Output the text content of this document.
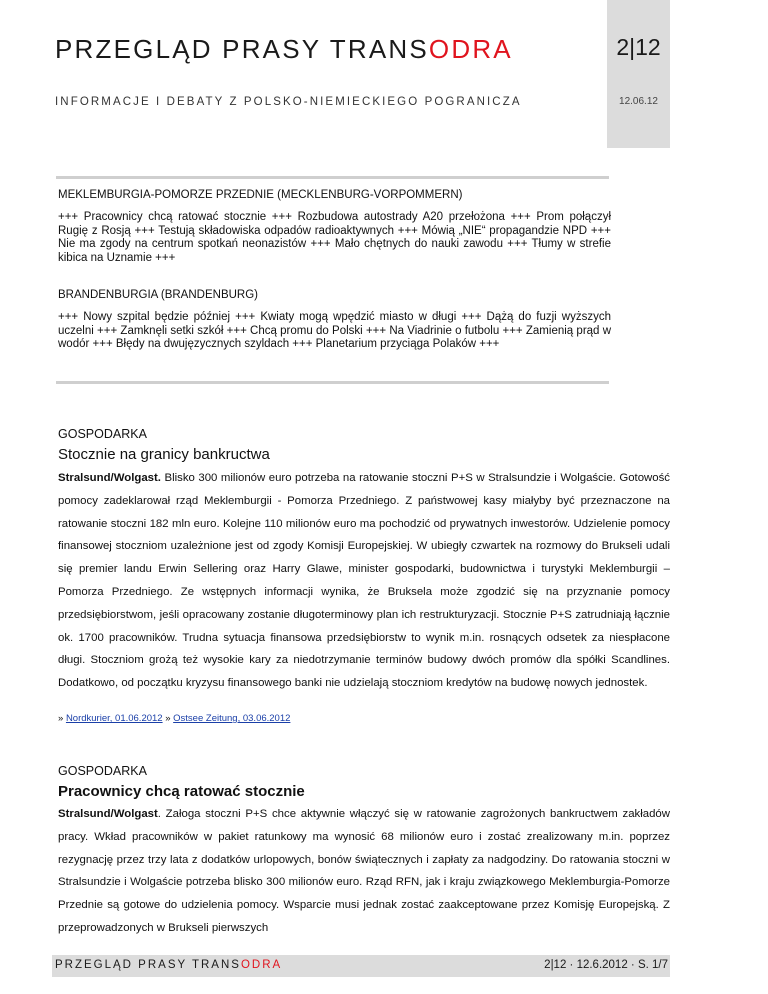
PRZEGLĄD PRASY TRANSODRA
INFORMACJE I DEBATY Z POLSKO-NIEMIECKIEGO POGRANICZA
2|12
12.06.12
MEKLEMBURGIA-POMORZE PRZEDNIE (MECKLENBURG-VORPOMMERN)
+++ Pracownicy chcą ratować stocznie +++ Rozbudowa autostrady A20 przełożona +++ Prom połączył Rugię z Rosją +++ Testują składowiska odpadów radioaktywnych +++ Mówią „NIE“ propagandzie NPD +++ Nie ma zgody na centrum spotkań neonazistów +++ Mało chętnych do nauki zawodu +++ Tłumy w strefie kibica na Uznamie +++
BRANDENBURGIA (BRANDENBURG)
+++ Nowy szpital będzie później +++ Kwiaty mogą wpędzić miasto w długi +++ Dążą do fuzji wyższych uczelni +++ Zamknęli setki szkół +++ Chcą promu do Polski +++ Na Viadrinie o futbolu +++ Zamienią prąd w wodór +++ Błędy na dwujęzycznych szyldach +++ Planetarium przyciąga Polaków +++
GOSPODARKA
Stocznie na granicy bankructwa
Stralsund/Wolgast. Blisko 300 milionów euro potrzeba na ratowanie stoczni P+S w Stralsundzie i Wolgaście. Gotowość pomocy zadeklarował rząd Meklemburgii - Pomorza Przedniego. Z państwowej kasy miałyby być przeznaczone na ratowanie stoczni 182 mln euro. Kolejne 110 milionów euro ma pochodzić od prywatnych inwestorów. Udzielenie pomocy finansowej stoczniom uzależnione jest od zgody Komisji Europejskiej. W ubiegły czwartek na rozmowy do Brukseli udali się premier landu Erwin Sellering oraz Harry Glawe, minister gospodarki, budownictwa i turystyki Meklemburgii – Pomorza Przedniego. Ze wstępnych informacji wynika, że Bruksela może zgodzić się na przyznanie pomocy przedsiębiorstwom, jeśli opracowany zostanie długoterminowy plan ich restrukturyzacji. Stocznie P+S zatrudniają łącznie ok. 1700 pracowników. Trudna sytuacja finansowa przedsiębiorstw to wynik m.in. rosnących odsetek za niespłacone długi. Stoczniom grożą też wysokie kary za niedotrzymanie terminów budowy dwóch promów dla spółki Scandlines. Dodatkowo, od początku kryzysu finansowego banki nie udzielają stoczniom kredytów na budowę nowych jednostek.
» Nordkurier, 01.06.2012 » Ostsee Zeitung, 03.06.2012
GOSPODARKA
Pracownicy chcą ratować stocznie
Stralsund/Wolgast. Załoga stoczni P+S chce aktywnie włączyć się w ratowanie zagrożonych bankructwem zakładów pracy. Wkład pracowników w pakiet ratunkowy ma wynosić 68 milionów euro i zostać zrealizowany m.in. poprzez rezygnację przez trzy lata z dodatków urlopowych, bonów świątecznych i zapłaty za nadgodziny. Do ratowania stoczni w Stralsundzie i Wolgaście potrzeba blisko 300 milionów euro. Rząd RFN, jak i kraju związkowego Meklemburgia-Pomorze Przednie są gotowe do udzielenia pomocy. Wsparcie musi jednak zostać zaakceptowane przez Komisję Europejską. Z przeprowadzonych w Brukseli pierwszych
PRZEGLĄD PRASY TRANSODRA	2|12 · 12.6.2012 · S. 1/7
